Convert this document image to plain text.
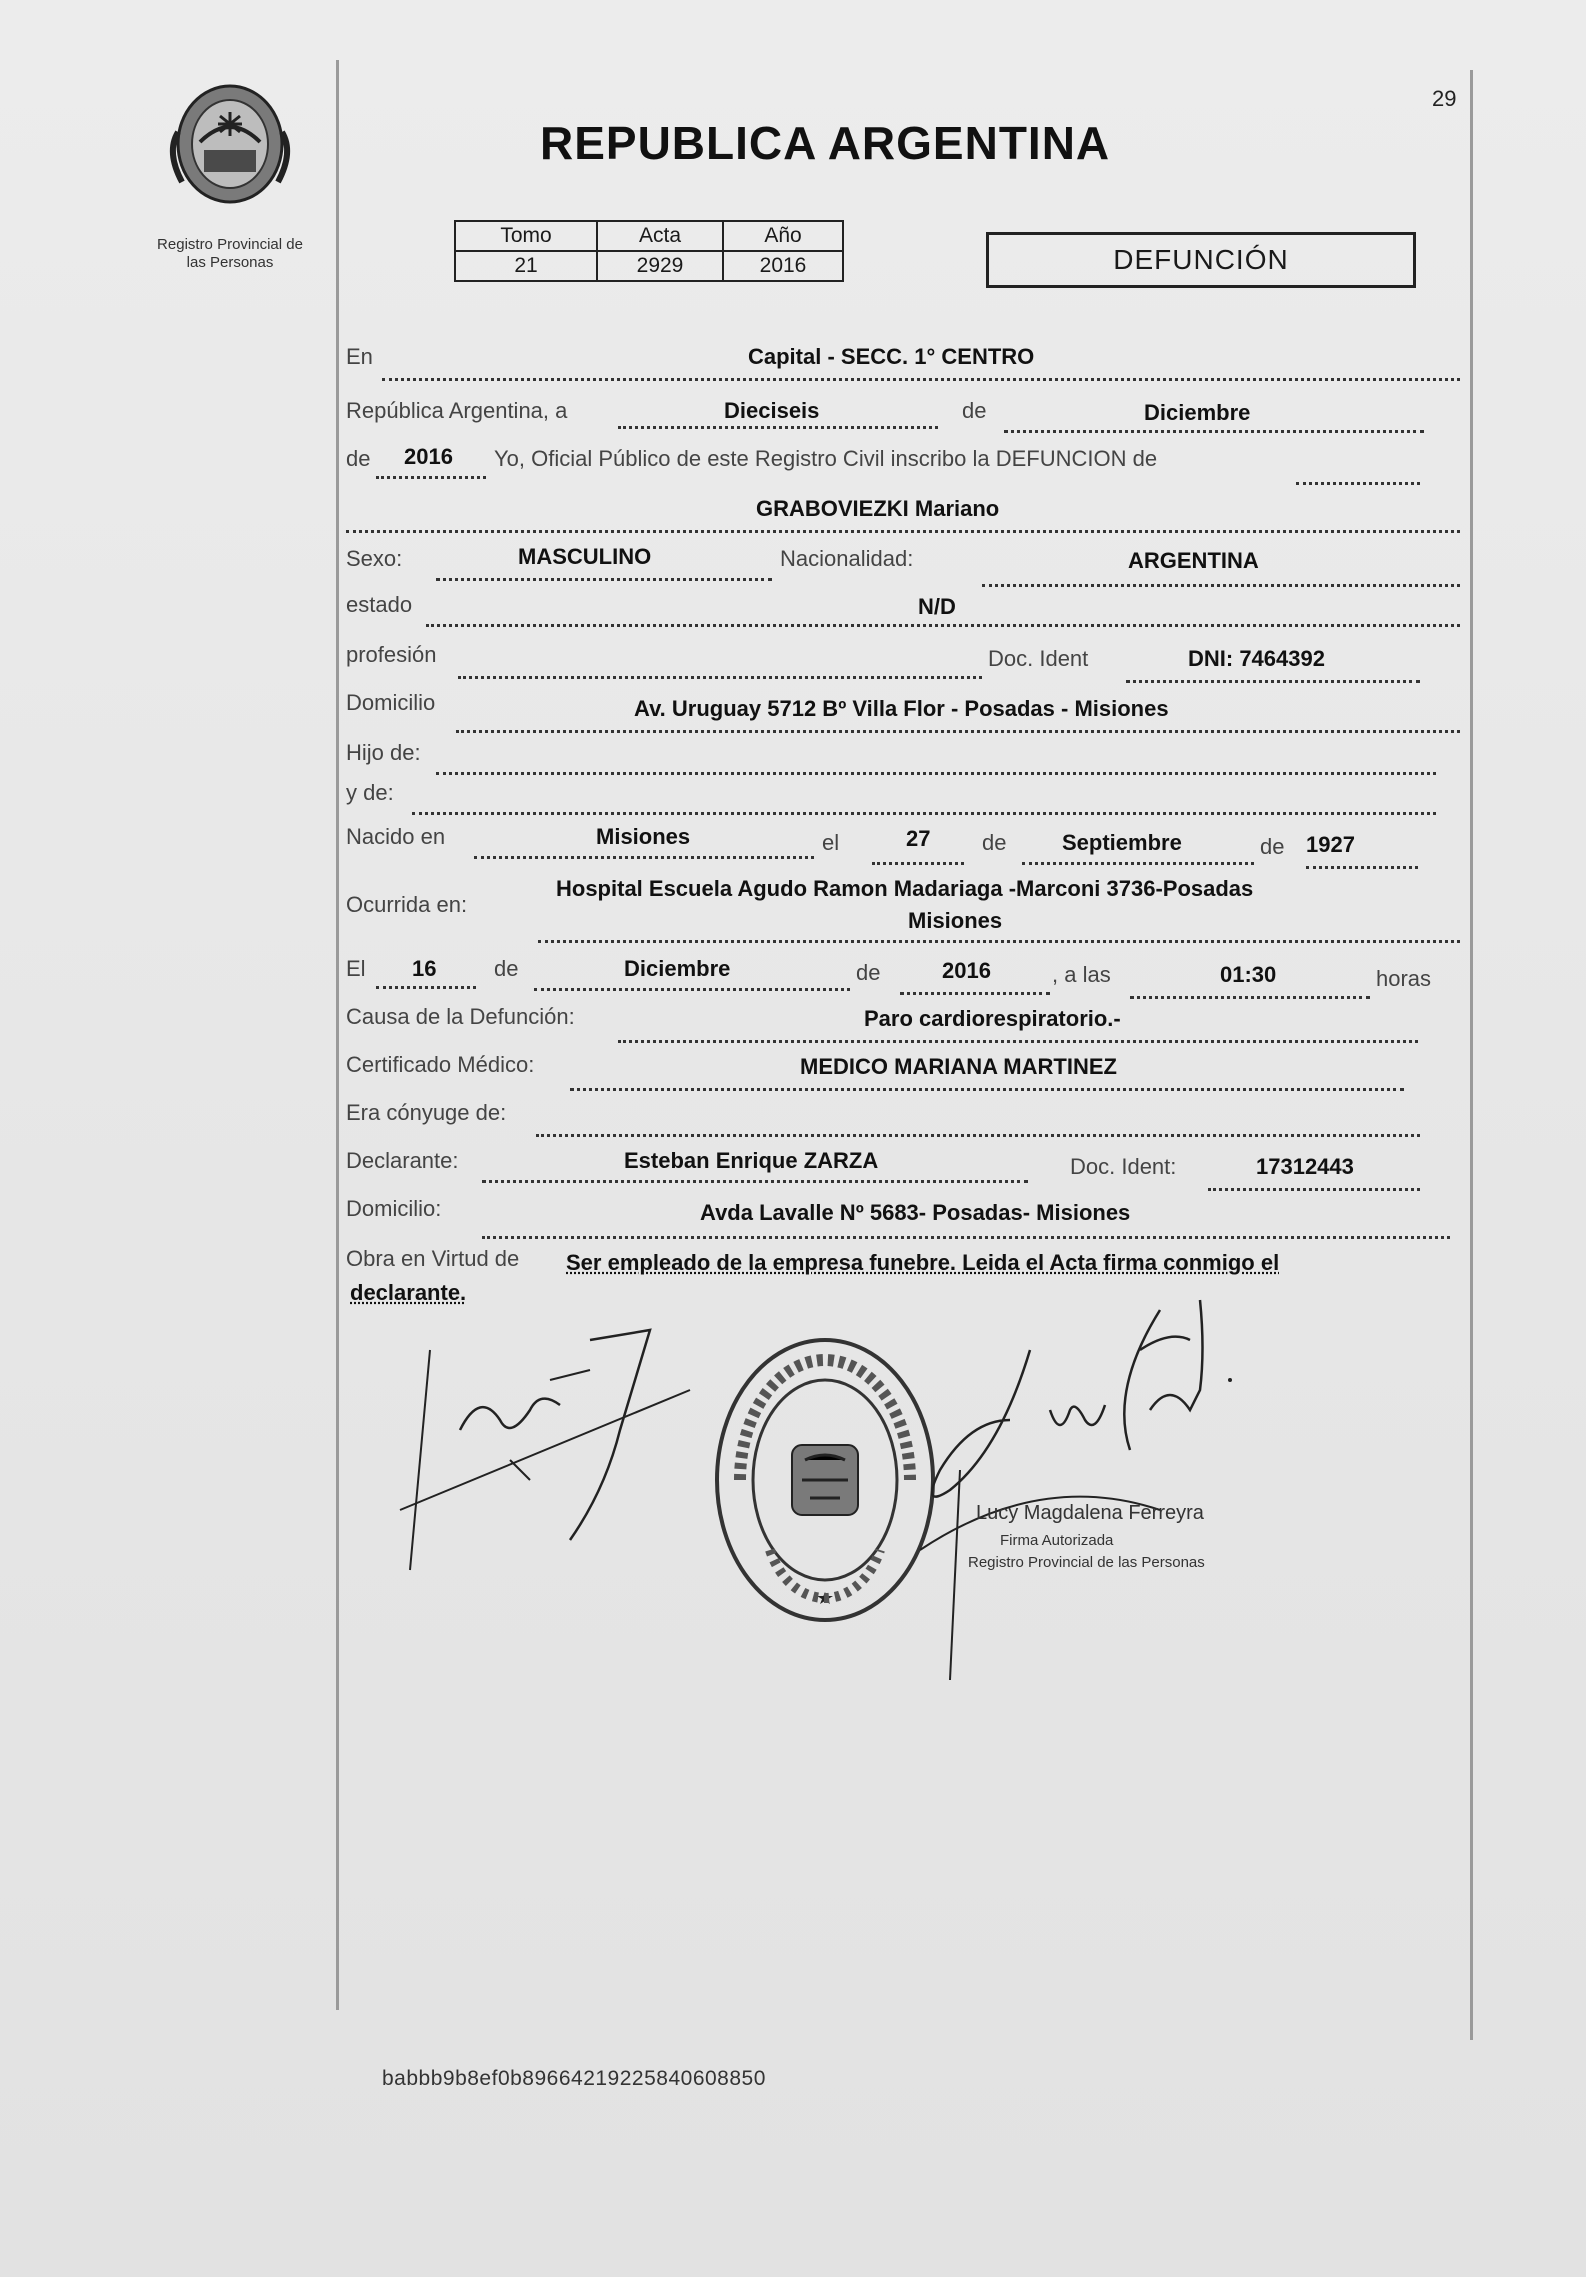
Registro Provincial de
las Personas
29
REPUBLICA ARGENTINA
Tomo	Acta	Año
21	2929	2016	DEFUNCIÓN
En	Capital - SECC. 1° CENTRO
República Argentina, a	Dieciseis	de	Diciembre
de 2016 Yo, Oficial Público de este Registro Civil inscribo la DEFUNCION de
GRABOVIEZKI Mariano
Sexo:	MASCULINO	Nacionalidad:	ARGENTINA
estado	N/D
profesión	Doc. Ident	DNI: 7464392
Domicilio	Av. Uruguay 5712 Bº Villa Flor - Posadas - Misiones
Hijo de:
y de:
Nacido en	Misiones	el	27 de	Septiembre	de 1927
Ocurrida en:
Hospital Escuela Agudo Ramon Madariaga -Marconi 3736-Posadas
Misiones
El 16	de	Diciembre	de	2016	, a las	01:30	horas
Causa de la Defunción:	Paro cardiorespiratorio.-
Certificado Médico:	MEDICO MARIANA MARTINEZ
Era cónyuge de:
Declarante:	Esteban Enrique ZARZA	Doc. Ident:	17312443
Domicilio:	Avda Lavalle Nº 5683- Posadas- Misiones
Obra en Virtud de Ser empleado de la empresa funebre. Leida el Acta firma conmigo el
declarante.
Lucy Magdalena Ferreyra
Firma Autorizada
Registro Provincial de las Personas
babbb9b8ef0b8966421922584060885​0
